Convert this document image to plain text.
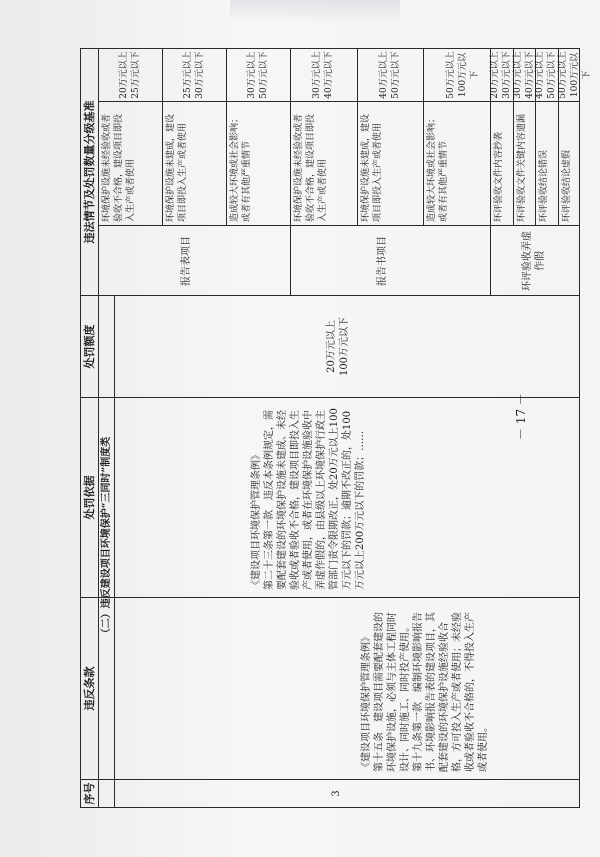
序号
违反条款
处罚依据
处罚额度
违法情节及处罚数量分级基准
（二）违反建设项目环境保护“三同时”制度类
3
《建设项目环境保护管理条例》
第十五条　建设项目需要配套建设的环境保护设施，必须与主体工程同时设计、同时施工、同时投产使用。
第十九条第一款　编制环境影响报告书、环境影响报告表的建设项目，其配套建设的环境保护设施经验收合格，方可投入生产或者使用；未经验收或者验收不合格的，不得投入生产或者使用。
《建设项目环境保护管理条例》
第二十三条第一款　违反本条例规定，需要配套建设的环境保护设施未建成、未经验收或者验收不合格，建设项目即投入生产或者使用，或者在环境保护设施验收中弄虚作假的，由县级以上环境保护行政主管部门责令限期改正，处20万元以上100万元以下的罚款；逾期不改正的，处100万元以上200万元以下的罚款；……
20万元以上
100万元以下
报告表项目
环境保护设施未经验收或者验收不合格，建设项目即投入生产或者使用
20万元以上
25万元以下
环境保护设施未建成，建设项目即投入生产或者使用
25万元以上
30万元以下
造成较大环境或社会影响；
或者有其他严重情节
30万元以上
50万元以下
报告书项目
环境保护设施未经验收或者验收不合格，建设项目即投入生产或者使用
30万元以上
40万元以下
环境保护设施未建成，建设项目即投入生产或者使用
40万元以上
50万元以下
造成较大环境或社会影响；
或者有其他严重情节
50万元以上
100万元以下
环评验收弄虚作假
环评验收文件内容抄袭
20万元以上
30万元以下
环评验收文件关键内容遗漏
30万元以上
40万元以下
环评验收结论错误
40万元以上
50万元以下
环评验收结论虚假
50万元以上
100万元以下
－ 17 －
